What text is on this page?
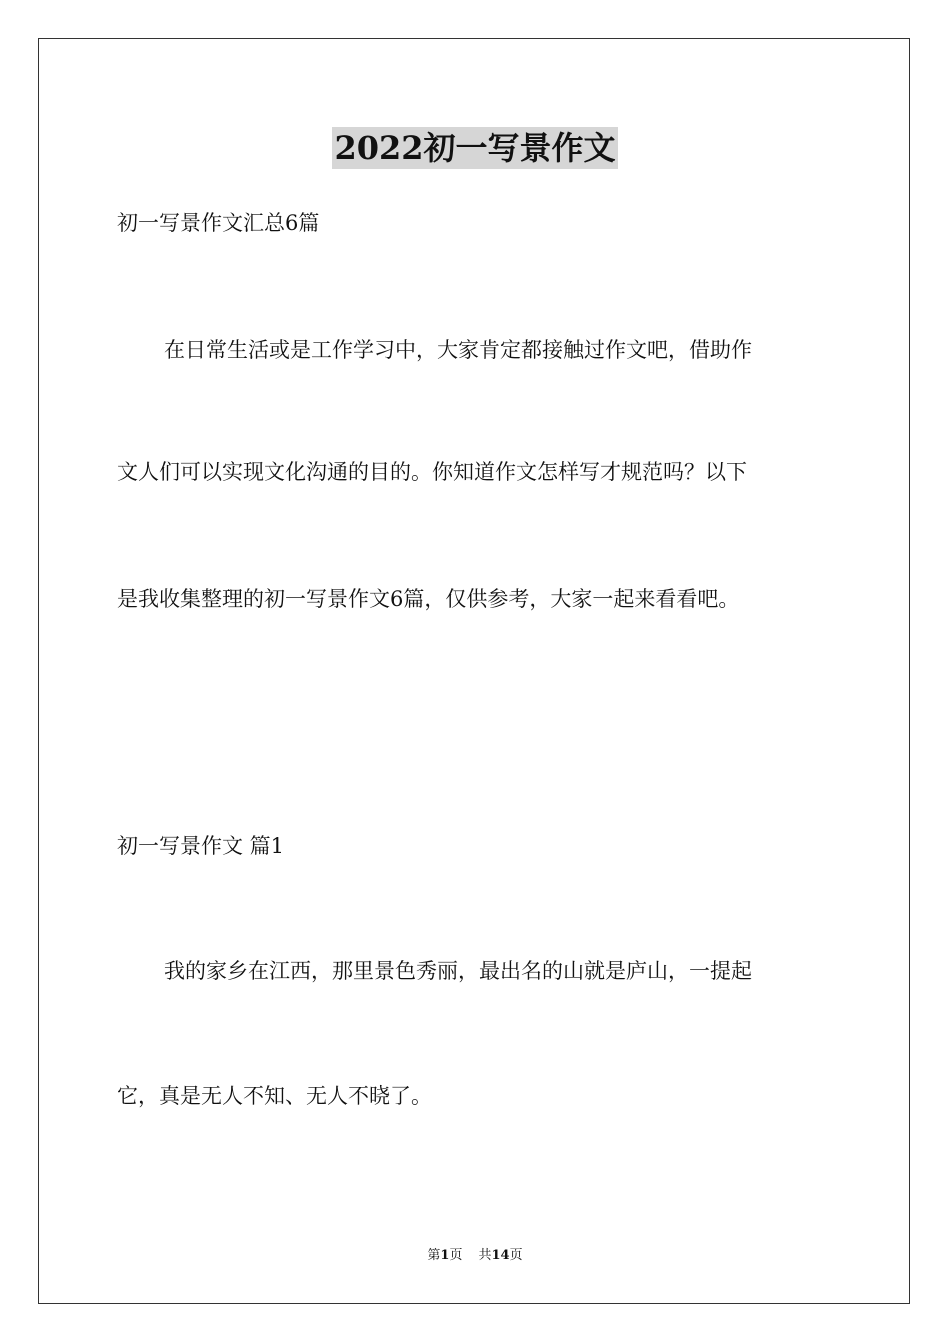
2022初一写景作文

初一写景作文汇总6篇

在日常生活或是工作学习中，大家肯定都接触过作文吧，借助作

文人们可以实现文化沟通的目的。你知道作文怎样写才规范吗？以下

是我收集整理的初一写景作文6篇，仅供参考，大家一起来看看吧。

初一写景作文 篇1

我的家乡在江西，那里景色秀丽，最出名的山就是庐山，一提起

它，真是无人不知、无人不晓了。

第1页 共14页
